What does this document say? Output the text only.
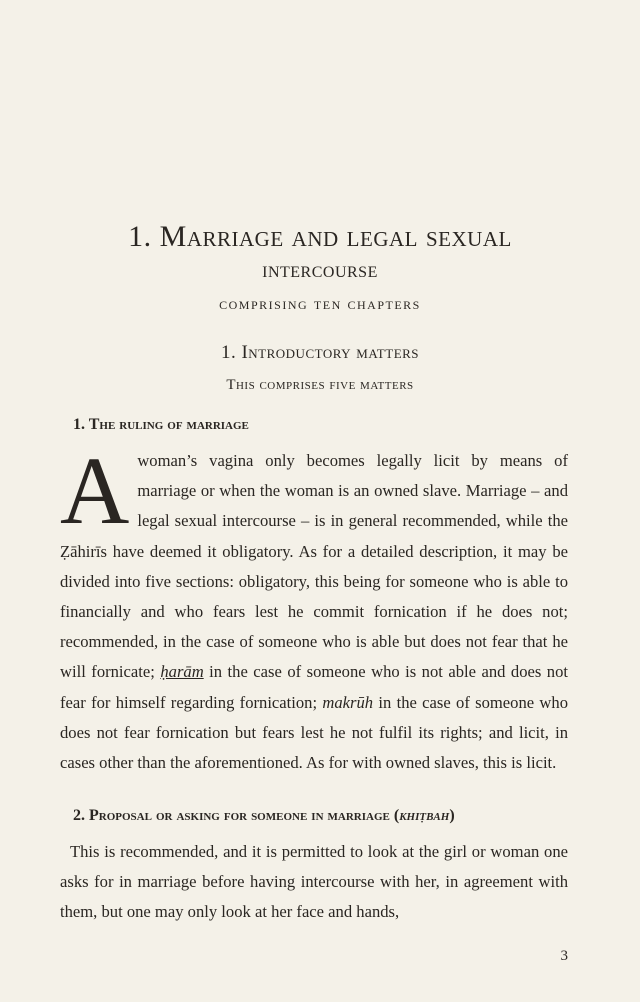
1. Marriage and legal sexual
intercourse
comprising ten chapters
1. Introductory matters
This comprises five matters
1. The ruling of marriage
Awoman’s vagina only becomes legally licit by means of marriage or when the woman is an owned slave. Marriage – and legal sexual intercourse – is in general recommended, while the Ẓāhirīs have deemed it obligatory. As for a detailed description, it may be divided into five sections: obligatory, this being for someone who is able to financially and who fears lest he commit fornication if he does not; recommended, in the case of someone who is able but does not fear that he will fornicate; ḥarām in the case of someone who is not able and does not fear for himself regarding fornication; makrūh in the case of someone who does not fear fornication but fears lest he not fulfil its rights; and licit, in cases other than the aforementioned. As for with owned slaves, this is licit.
2. Proposal or asking for someone in marriage (khiṭbah)
This is recommended, and it is permitted to look at the girl or woman one asks for in marriage before having intercourse with her, in agreement with them, but one may only look at her face and hands,
3
